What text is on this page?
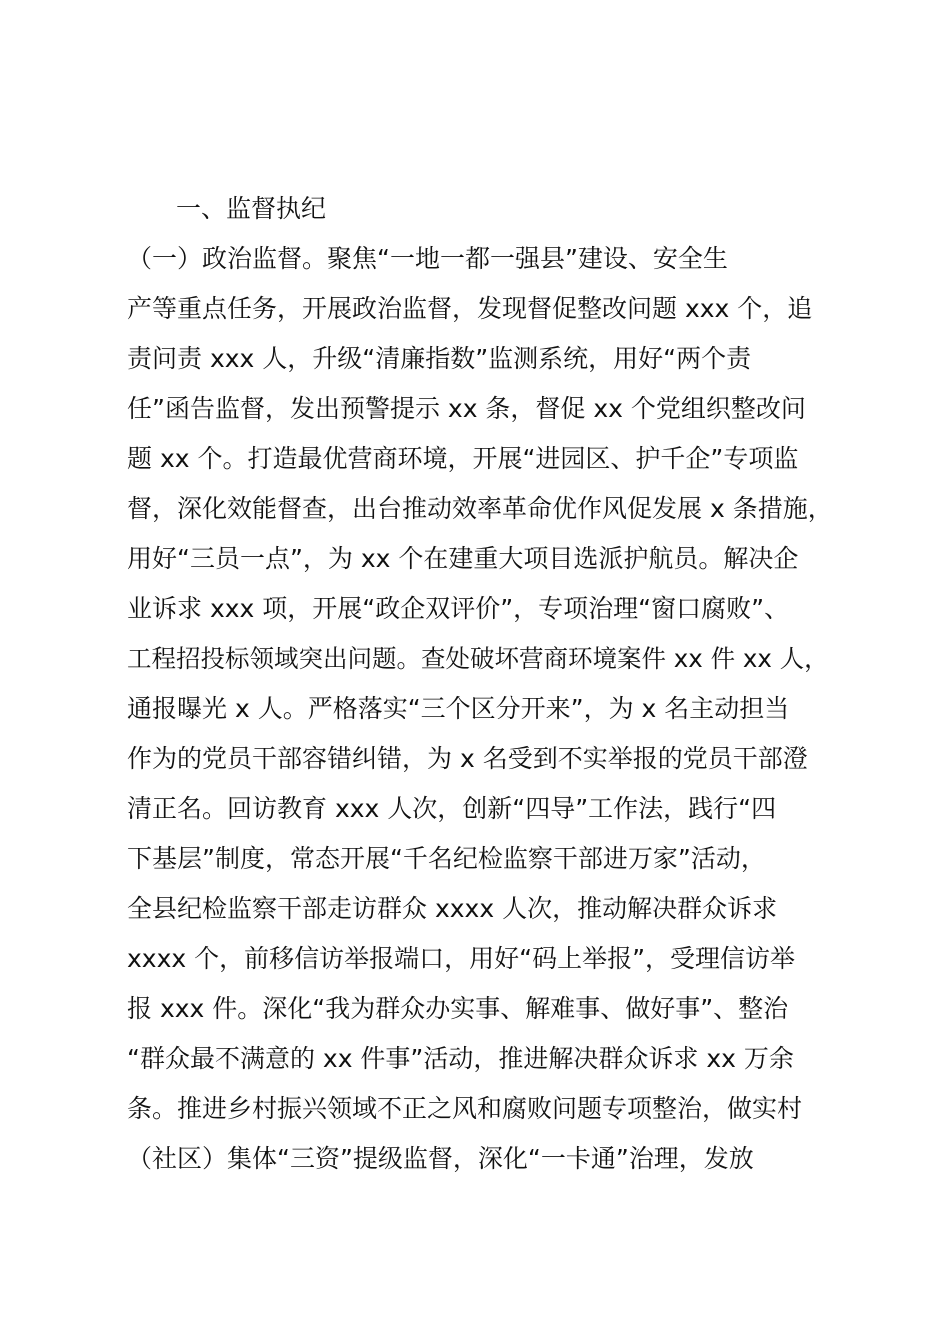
一、监督执纪
（一）政治监督。聚焦“一地一都一强县”建设、安全生
产等重点任务，开展政治监督，发现督促整改问题 xxx 个，追
责问责 xxx 人，升级“清廉指数”监测系统，用好“两个责
任”函告监督，发出预警提示 xx 条，督促 xx 个党组织整改问
题 xx 个。打造最优营商环境，开展“进园区、护千企”专项监
督，深化效能督查，出台推动效率革命优作风促发展 x 条措施，
用好“三员一点”，为 xx 个在建重大项目选派护航员。解决企
业诉求 xxx 项，开展“政企双评价”，专项治理“窗口腐败”、
工程招投标领域突出问题。查处破坏营商环境案件 xx 件 xx 人，
通报曝光 x 人。严格落实“三个区分开来”，为 x 名主动担当
作为的党员干部容错纠错，为 x 名受到不实举报的党员干部澄
清正名。回访教育 xxx 人次，创新“四导”工作法，践行“四
下基层”制度，常态开展“千名纪检监察干部进万家”活动，
全县纪检监察干部走访群众 xxxx 人次，推动解决群众诉求
xxxx 个，前移信访举报端口，用好“码上举报”，受理信访举
报 xxx 件。深化“我为群众办实事、解难事、做好事”、整治
“群众最不满意的 xx 件事”活动，推进解决群众诉求 xx 万余
条。推进乡村振兴领域不正之风和腐败问题专项整治，做实村
（社区）集体“三资”提级监督，深化“一卡通”治理，发放
